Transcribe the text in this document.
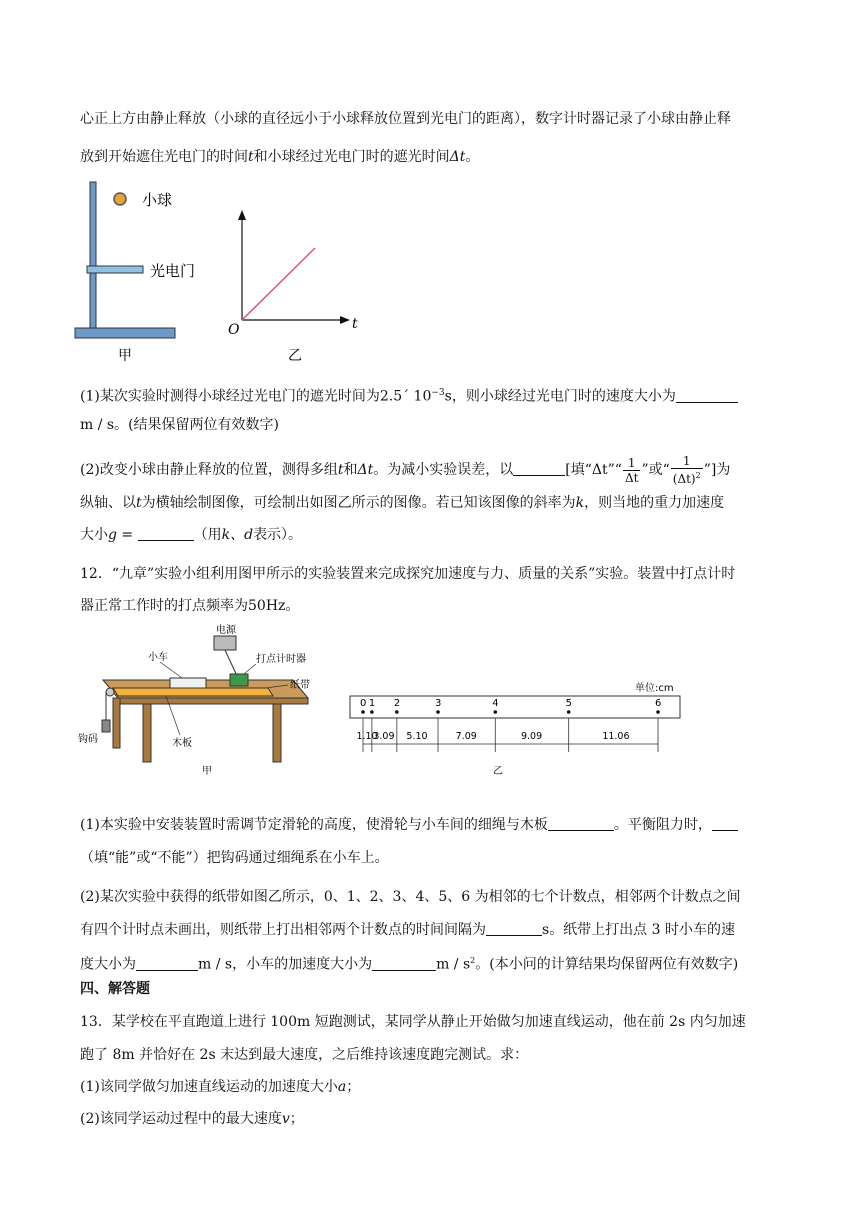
心正上方由静止释放（小球的直径远小于小球释放位置到光电门的距离），数字计时器记录了小球由静止释
放到开始遮住光电门的时间t和小球经过光电门时的遮光时间Δt。
小球
光电门
甲
O	t
乙
(1)某次实验时测得小球经过光电门的遮光时间为2.5´ $10^{-3}s$，则小球经过光电门时的速度大小为
m / s。(结果保留两位有效数字)
(2)改变小球由静止释放的位置，测得多组t和Δt。为减小实验误差，以	[填“Δt”“ $\frac{1}{\Delta t}$ ”或“ $\frac{1}{(\Delta t)^2}$ ”]为
纵轴、以t为横轴绘制图像，可绘制出如图乙所示的图像。若已知该图像的斜率为k，则当地的重力加速度
大小g =	（用k、d表示）。
12．“九章”实验小组利用图甲所示的实验装置来完成探究加速度与力、质量的关系”实验。装置中打点计时
器正常工作时的打点频率为50Hz。
电源
小车	打点计时器
纸带
钩码	木板
甲
单位:cm
0 1 2	3	4	5	6
1.10
3.09 5.10	7.09	9.09	11.06
乙
(1)本实验中安装装置时需调节定滑轮的高度，使滑轮与小车间的细绳与木板	。平衡阻力时，
（填“能”或“不能”）把钩码通过细绳系在小车上。
(2)某次实验中获得的纸带如图乙所示，0、1、2、3、4、5、6 为相邻的七个计数点，相邻两个计数点之间
有四个计时点未画出，则纸带上打出相邻两个计数点的时间间隔为	s。纸带上打出点 3 时小车的速
度大小为	m / s，小车的加速度大小为	m / $s^2$。(本小问的计算结果均保留两位有效数字)
四、解答题
13．某学校在平直跑道上进行 100m 短跑测试，某同学从静止开始做匀加速直线运动，他在前 2s 内匀加速
跑了 8m 并恰好在 2s 末达到最大速度，之后维持该速度跑完测试。求：
(1)该同学做匀加速直线运动的加速度大小a；
(2)该同学运动过程中的最大速度v；
